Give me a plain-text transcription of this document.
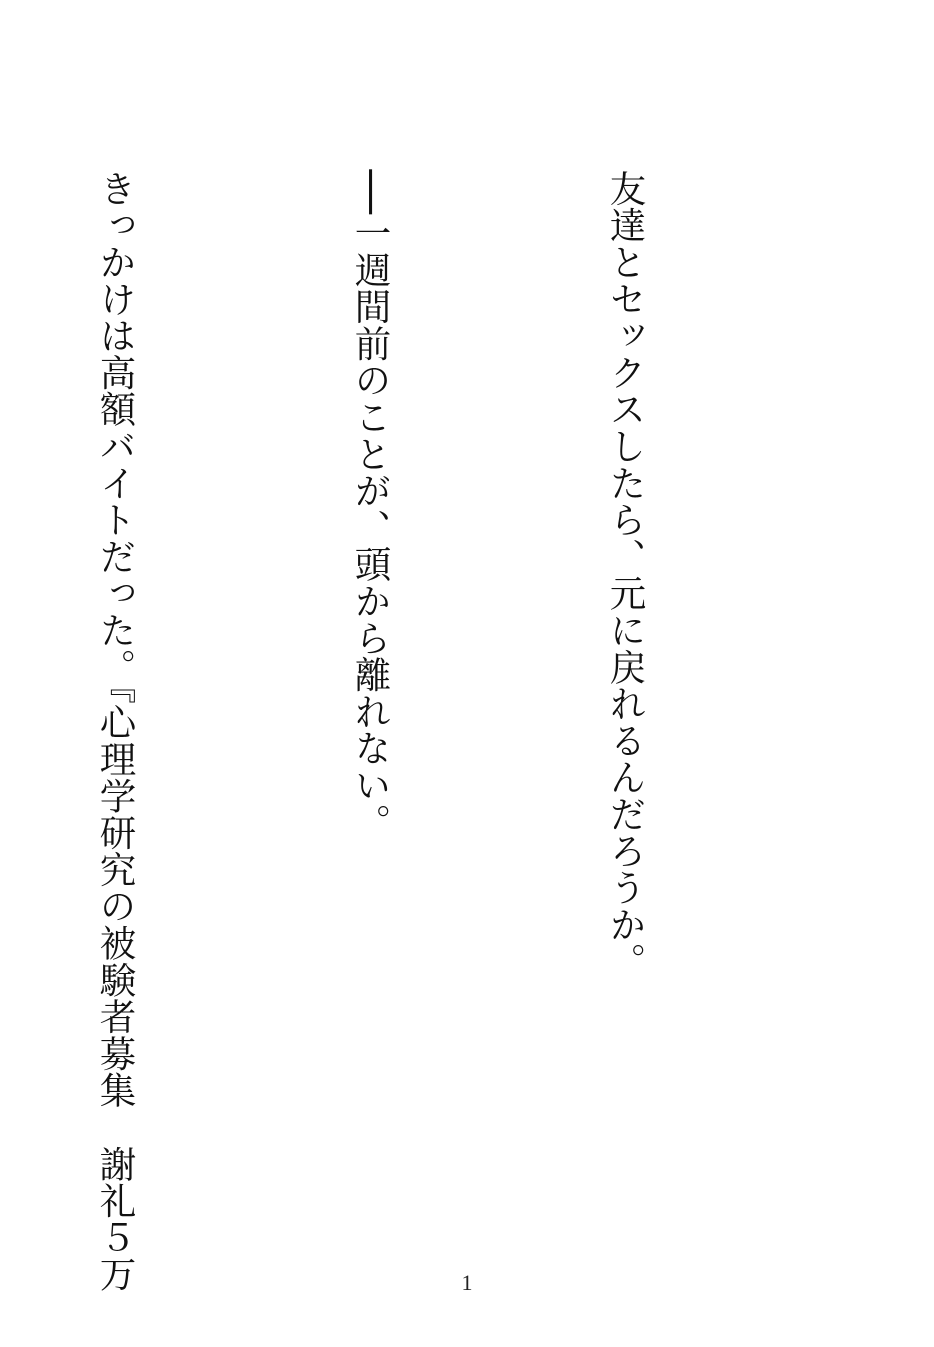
　友達とセックスしたら、元に戻れるんだろうか。

　──一週間前のことが、頭から離れない。

　きっかけは高額バイトだった。『心理学研究の被験者募集　謝礼５万

	1
